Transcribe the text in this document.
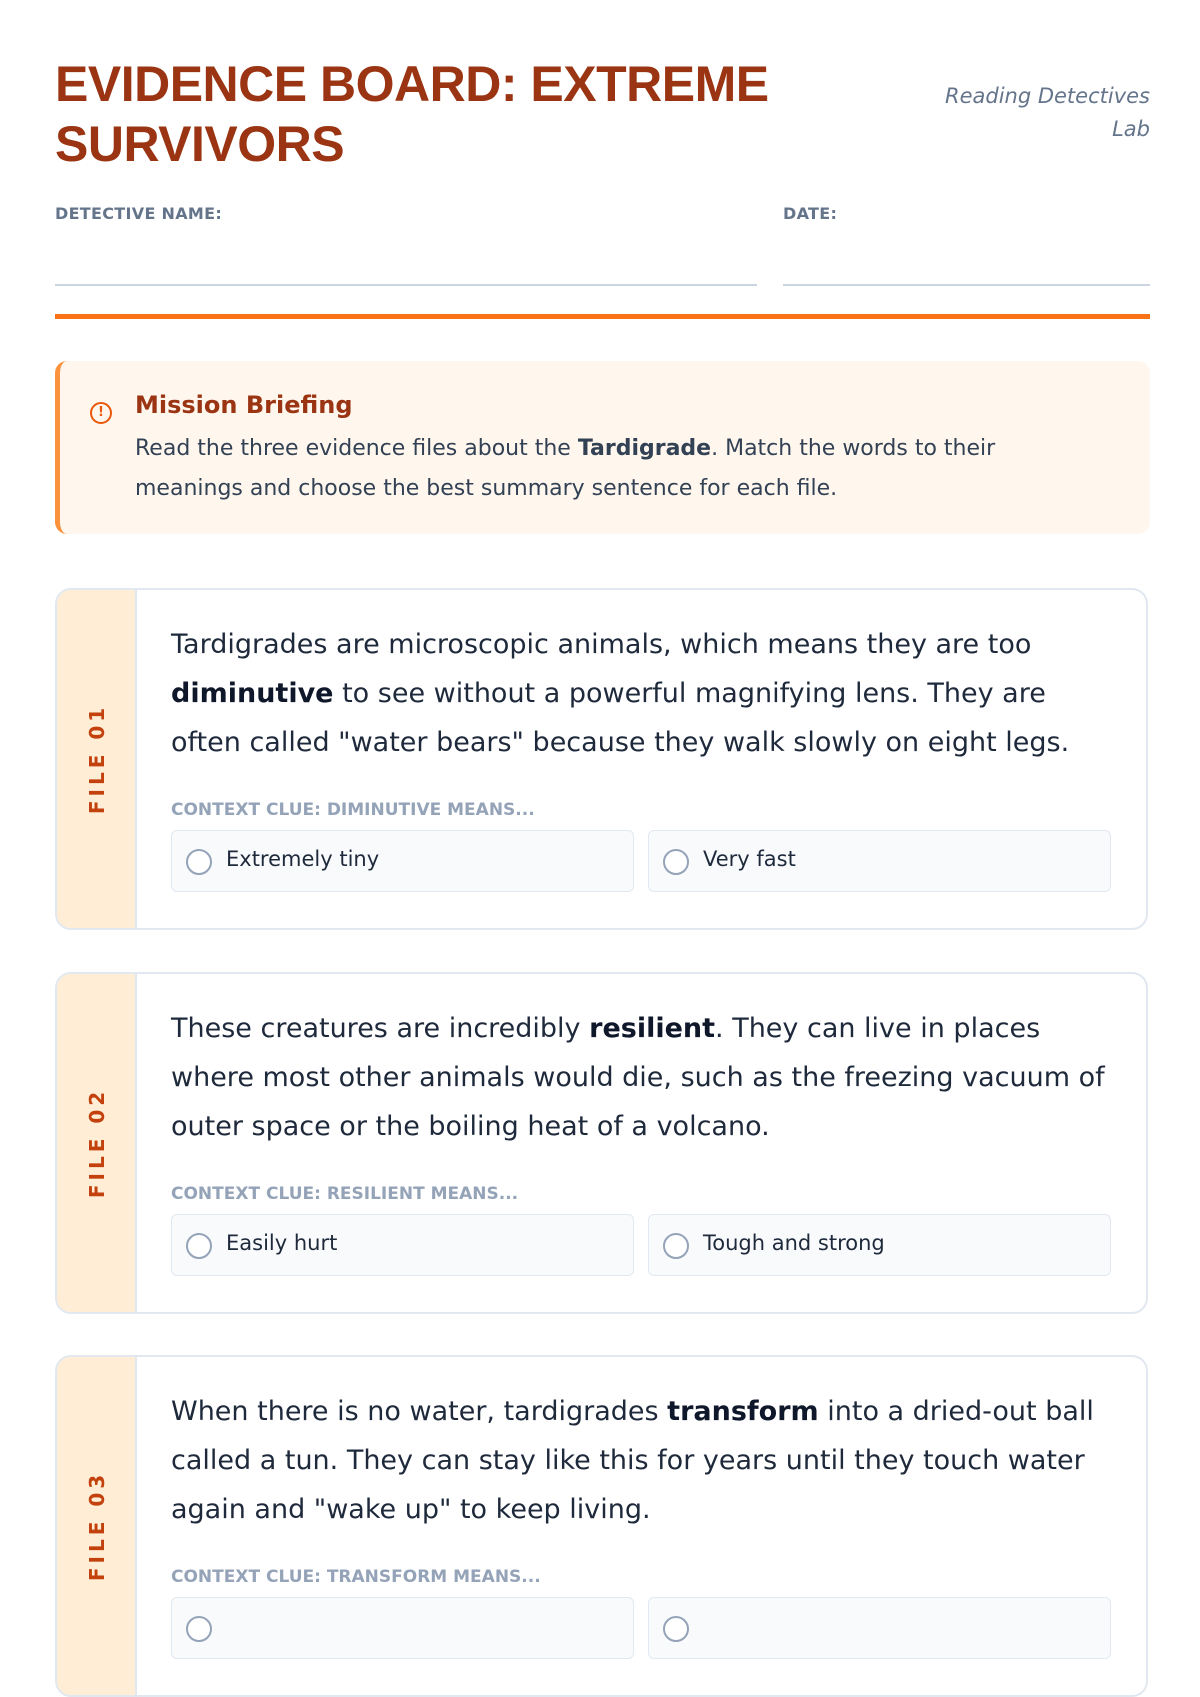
EVIDENCE BOARD: EXTREME SURVIVORS
Reading Detectives Lab
DETECTIVE NAME:	DATE:
!	Mission Briefing
Read the three evidence files about the Tardigrade. Match the words to their meanings and choose the best summary sentence for each file.
FILE 01
Tardigrades are microscopic animals, which means they are too diminutive to see without a powerful magnifying lens. They are often called "water bears" because they walk slowly on eight legs.
CONTEXT CLUE: DIMINUTIVE MEANS...
Extremely tiny	Very fast
FILE 02
These creatures are incredibly resilient. They can live in places where most other animals would die, such as the freezing vacuum of outer space or the boiling heat of a volcano.
CONTEXT CLUE: RESILIENT MEANS...
Easily hurt	Tough and strong
FILE 03
When there is no water, tardigrades transform into a dried-out ball called a tun. They can stay like this for years until they touch water again and "wake up" to keep living.
CONTEXT CLUE: TRANSFORM MEANS...
